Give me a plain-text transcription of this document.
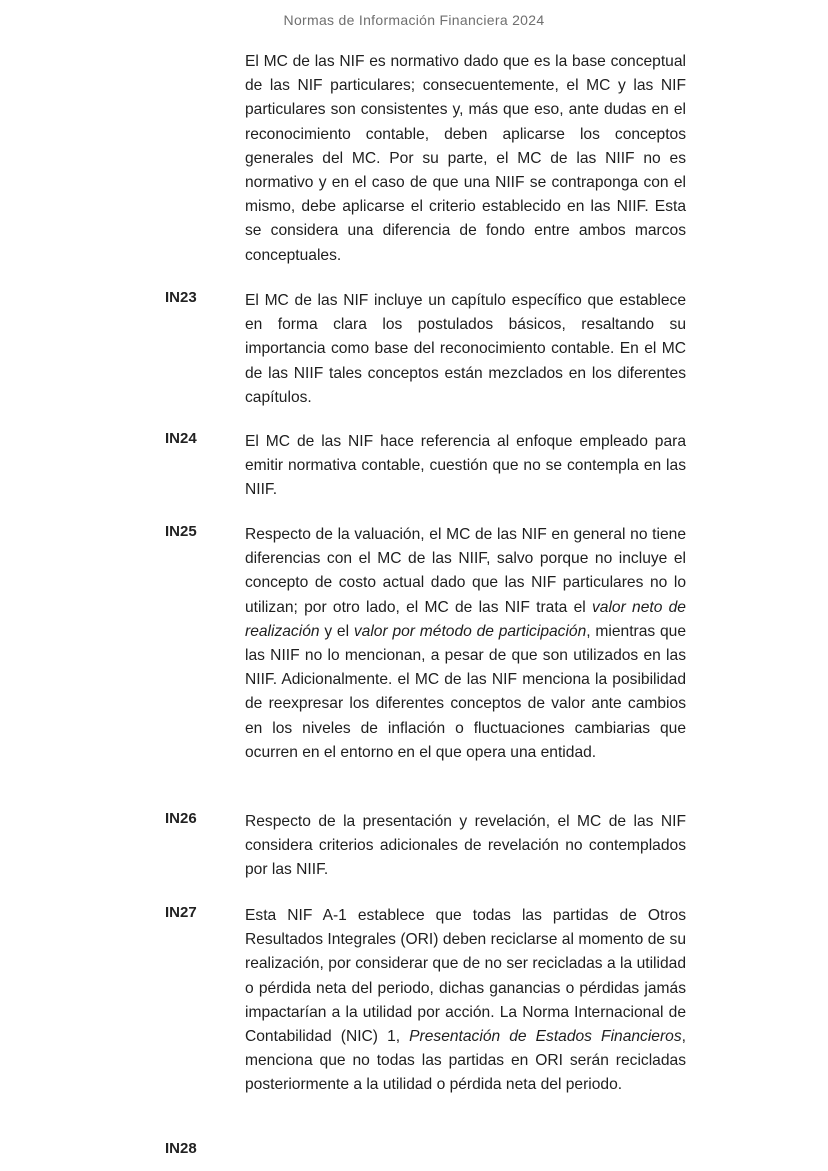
Normas de Información Financiera 2024

El MC de las NIF es normativo dado que es la base conceptual de las NIF particulares; consecuentemente, el MC y las NIF particulares son consistentes y, más que eso, ante dudas en el reconocimiento contable, deben aplicarse los conceptos generales del MC. Por su parte, el MC de las NIIF no es normativo y en el caso de que una NIIF se contraponga con el mismo, debe aplicarse el criterio establecido en las NIIF. Esta se considera una diferencia de fondo entre ambos marcos conceptuales.

IN23	El MC de las NIF incluye un capítulo específico que establece en forma clara los postulados básicos, resaltando su importancia como base del reconocimiento contable. En el MC de las NIIF tales conceptos están mezclados en los diferentes capítulos.

IN24	El MC de las NIF hace referencia al enfoque empleado para emitir normativa contable, cuestión que no se contempla en las NIIF.

IN25	Respecto de la valuación, el MC de las NIF en general no tiene diferencias con el MC de las NIIF, salvo porque no incluye el concepto de costo actual dado que las NIF particulares no lo utilizan; por otro lado, el MC de las NIF trata el valor neto de realización y el valor por método de participación, mientras que las NIIF no lo mencionan, a pesar de que son utilizados en las NIIF. Adicionalmente. el MC de las NIF menciona la posibilidad de reexpresar los diferentes conceptos de valor ante cambios en los niveles de inflación o fluctuaciones cambiarias que ocurren en el entorno en el que opera una entidad.

IN26	Respecto de la presentación y revelación, el MC de las NIF considera criterios adicionales de revelación no contemplados por las NIIF.

IN27	Esta NIF A-1 establece que todas las partidas de Otros Resultados Integrales (ORI) deben reciclarse al momento de su realización, por considerar que de no ser recicladas a la utilidad o pérdida neta del periodo, dichas ganancias o pérdidas jamás impactarían a la utilidad por acción. La Norma Internacional de Contabilidad (NIC) 1, Presentación de Estados Financieros, menciona que no todas las partidas en ORI serán recicladas posteriormente a la utilidad o pérdida neta del periodo.

IN28
